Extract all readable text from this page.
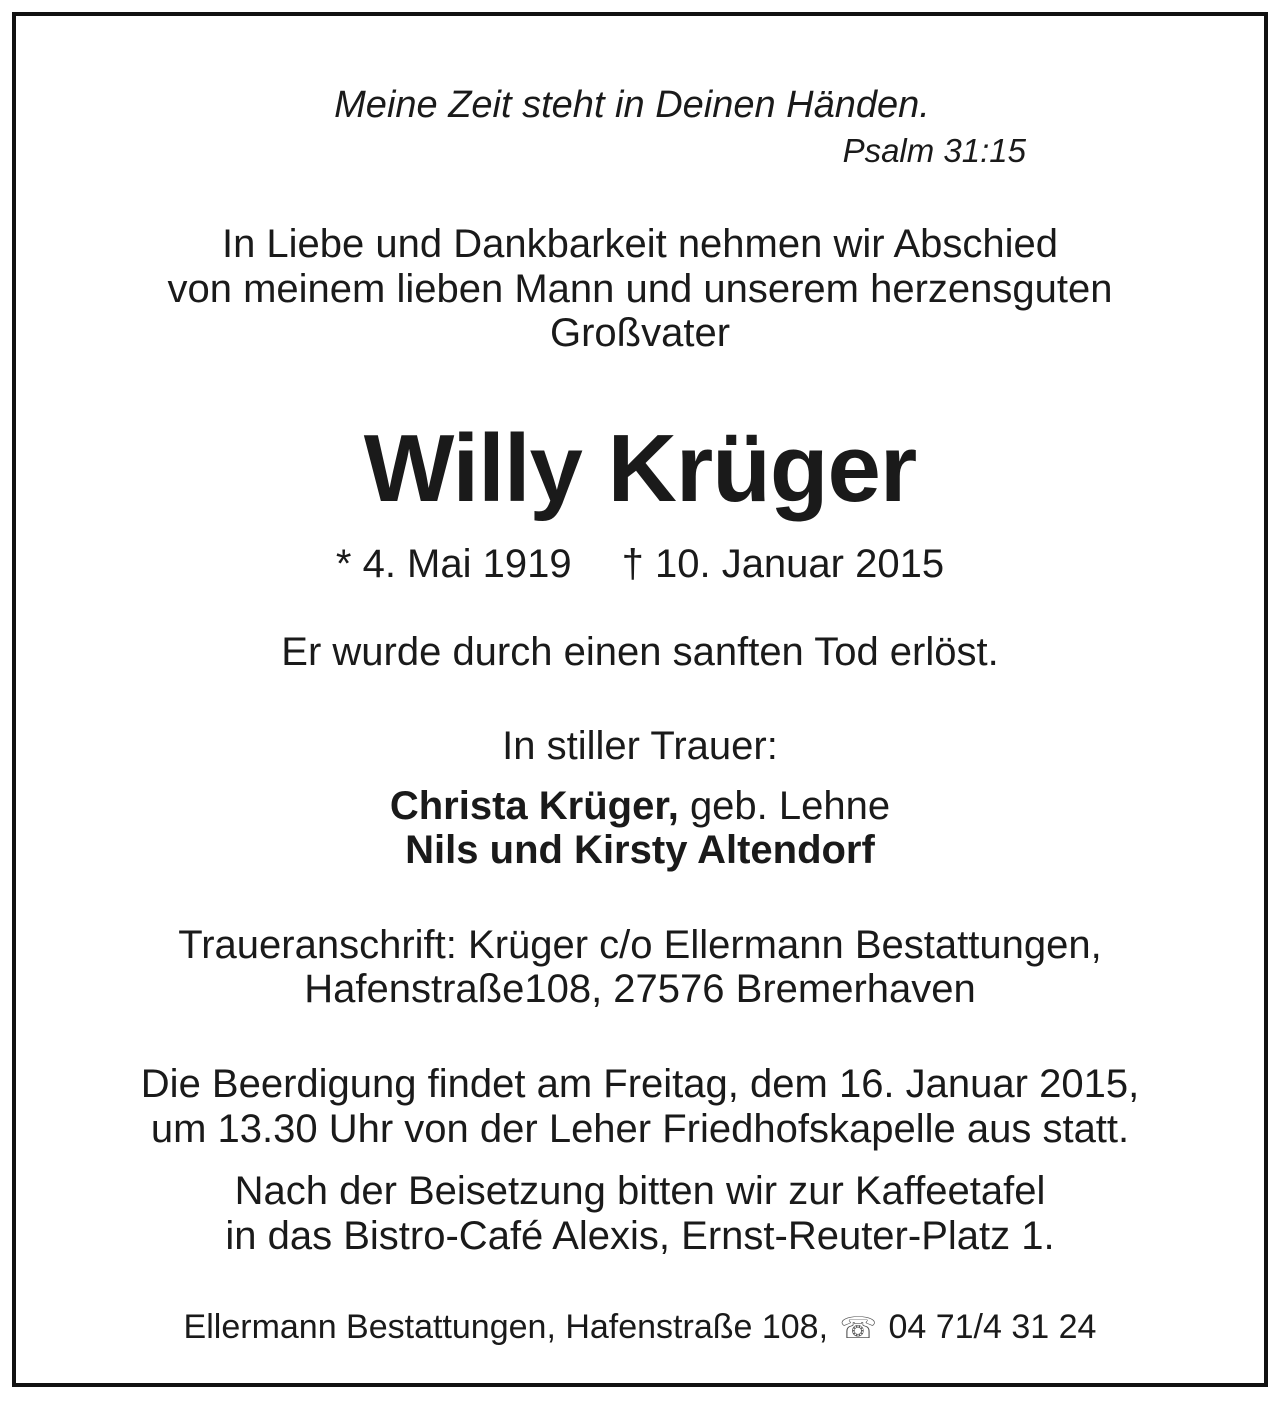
Meine Zeit steht in Deinen Händen.
Psalm 31:15
In Liebe und Dankbarkeit nehmen wir Abschied
von meinem lieben Mann und unserem herzensguten
Großvater
Willy Krüger
* 4. Mai 1919 † 10. Januar 2015
Er wurde durch einen sanften Tod erlöst.
In stiller Trauer:
Christa Krüger, geb. Lehne
Nils und Kirsty Altendorf
Traueranschrift: Krüger c/o Ellermann Bestattungen,
Hafenstraße108, 27576 Bremerhaven
Die Beerdigung findet am Freitag, dem 16. Januar 2015,
um 13.30 Uhr von der Leher Friedhofskapelle aus statt.
Nach der Beisetzung bitten wir zur Kaffeetafel
in das Bistro-Café Alexis, Ernst-Reuter-Platz 1.
Ellermann Bestattungen, Hafenstraße 108, ☏ 04 71/4 31 24
